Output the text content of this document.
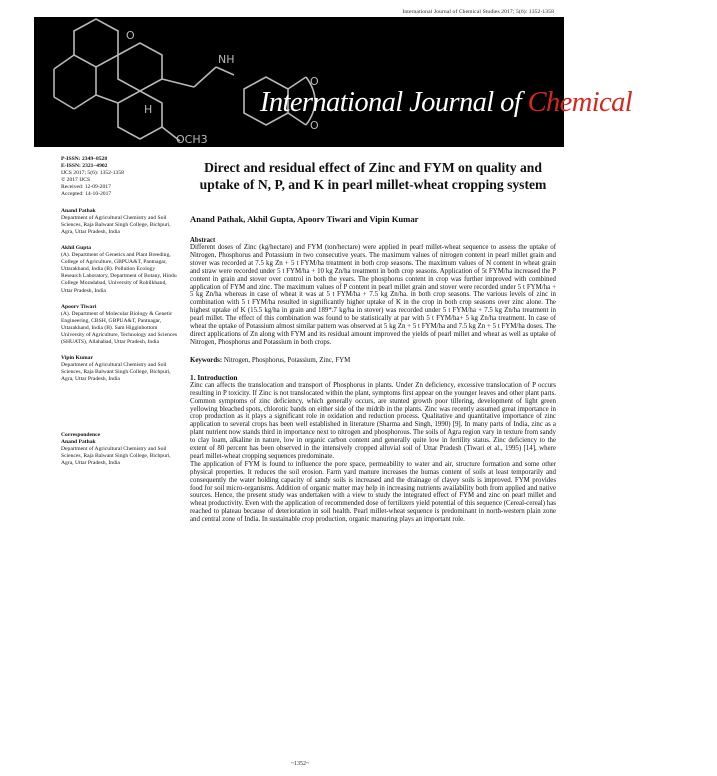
International Journal of Chemical Studies 2017; 5(6): 1352-1358
O
NH
OCH3
O
O
H	International Journal of Chemical Studies
P-ISSN: 2349–8528
E-ISSN: 2321–4902
IJCS 2017; 5(6): 1352-1358
© 2017 IJCS
Received: 12-09-2017
Accepted: 14-10-2017
Anand Pathak
Department of Agricultural Chemistry and Soil Sciences, Raja Balwant Singh College, Bichpuri, Agra, Uttar Pradesh, India
Akhil Gupta
(A). Department of Genetics and Plant Breeding, College of Agriculture, GBPUA&T, Pantnagar, Uttarakhand, India (B). Pollution Ecology Research Laboratory, Department of Botany, Hindu College Moradabad, University of Rohilkhand, Uttar Pradesh, India
Apoorv Tiwari
(A). Department of Molecular Biology & Genetic Engineering, CBSH, GBPUA&T, Pantnagar, Uttarakhand, India (B). Sam Higginbottom University of Agriculture, Technology and Sciences (SHUATS), Allahabad, Uttar Pradesh, India
Vipin Kumar
Department of Agricultural Chemistry and Soil Sciences, Raja Balwant Singh College, Bichpuri, Agra, Uttar Pradesh, India
Correspondence
Anand Pathak
Department of Agricultural Chemistry and Soil Sciences, Raja Balwant Singh College, Bichpuri, Agra, Uttar Pradesh, India
Direct and residual effect of Zinc and FYM on quality and uptake of N, P, and K in pearl millet-wheat cropping system
Anand Pathak, Akhil Gupta, Apoorv Tiwari and Vipin Kumar
Abstract
Different doses of Zinc (kg/hectare) and FYM (ton/hectare) were applied in pearl millet-wheat sequence to assess the uptake of Nitrogen, Phosphorus and Potassium in two consecutive years. The maximum values of nitrogen content in pearl millet grain and stover was recorded at 7.5 kg Zn + 5 t FYM/ha treatment in both crop seasons. The maximum values of N content in wheat grain and straw were recorded under 5 t FYM/ha + 10 kg Zn/ha treatment in both crop seasons. Application of 5t FYM/ha increased the P content in grain and stover over control in both the years. The phosphorus content in crop was further improved with combined application of FYM and zinc. The maximum values of P content in pearl millet grain and stover were recorded under 5 t FYM/ha + 5 kg Zn/ha whereas in case of wheat it was at 5 t FYM/ha + 7.5 kg Zn/ha. in both crop seasons. The various levels of zinc in combination with 5 t FYM/ha resulted in significantly higher uptake of K in the crop in both crop seasons over zinc alone. The highest uptake of K (15.5 kg/ha in grain and 189*.7 kg/ha in stover) was recorded under 5 t FYM/ha + 7.5 kg Zn/ha treatment in pearl millet. The effect of this combination was found to be statistically at par with 5 t FYM/ha+ 5 kg Zn/ha treatment. In case of wheat the uptake of Potassium almost similar pattern was observed at 5 kg Zn + 5 t FYM/ha and 7.5 kg Zn + 5 t FYM/ha doses. The direct applications of Zn along with FYM and its residual amount improved the yields of pearl millet and wheat as well as uptake of Nitrogen, Phosphorus and Potassium in both crops.
Keywords: Nitrogen, Phosphorus, Potassium, Zinc, FYM
1. Introduction
Zinc can affects the translocation and transport of Phosphorus in plants. Under Zn deficiency, excessive translocation of P occurs resulting in P toxicity. If Zinc is not translocated within the plant, symptoms first appear on the younger leaves and other plant parts. Common symptoms of zinc deficiency, which generally occurs, are stunted growth poor tillering, development of light green yellowing bleached spots, chlorotic bands on either side of the midrib in the plants. Zinc was recently assumed great importance in crop production as it plays a significant role in oxidation and reduction process. Qualitative and quantitative importance of zinc application to several crops has been well established in literature (Sharma and Singh, 1990) [9]. In many parts of India, zinc as a plant nutrient now stands third in importance next to nitrogen and phosphorous. The soils of Agra region vary in texture from sandy to clay loam, alkaline in nature, low in organic carbon content and generally quite low in fertility status. Zinc deficiency to the extent of 80 percent has been observed in the intensively cropped alluvial soil of Uttar Pradesh (Tiwari et al., 1995) [14], where pearl millet-wheat cropping sequences predominate.
The application of FYM is found to influence the pore space, permeability to water and air, structure formation and some other physical properties. It reduces the soil erosion. Farm yard manure increases the humas content of soils at least temporarily and consequently the water holding capacity of sandy soils is increased and the drainage of clayey soils is improved. FYM provides food for soil micro-organisms. Addition of organic matter may help in increasing nutrients availability both from applied and native sources. Hence, the present study was undertaken with a view to study the integrated effect of FYM and zinc on pearl millet and wheat productivity. Even with the application of recommended dose of fertilizers yield potential of this sequence (Cereal-cereal) has reached to plateau because of deterioration in soil health. Pearl millet-wheat sequence is predominant in north-western plain zone and central zone of India. In sustainable crop production, organic manuring plays an important role.
~1352~
